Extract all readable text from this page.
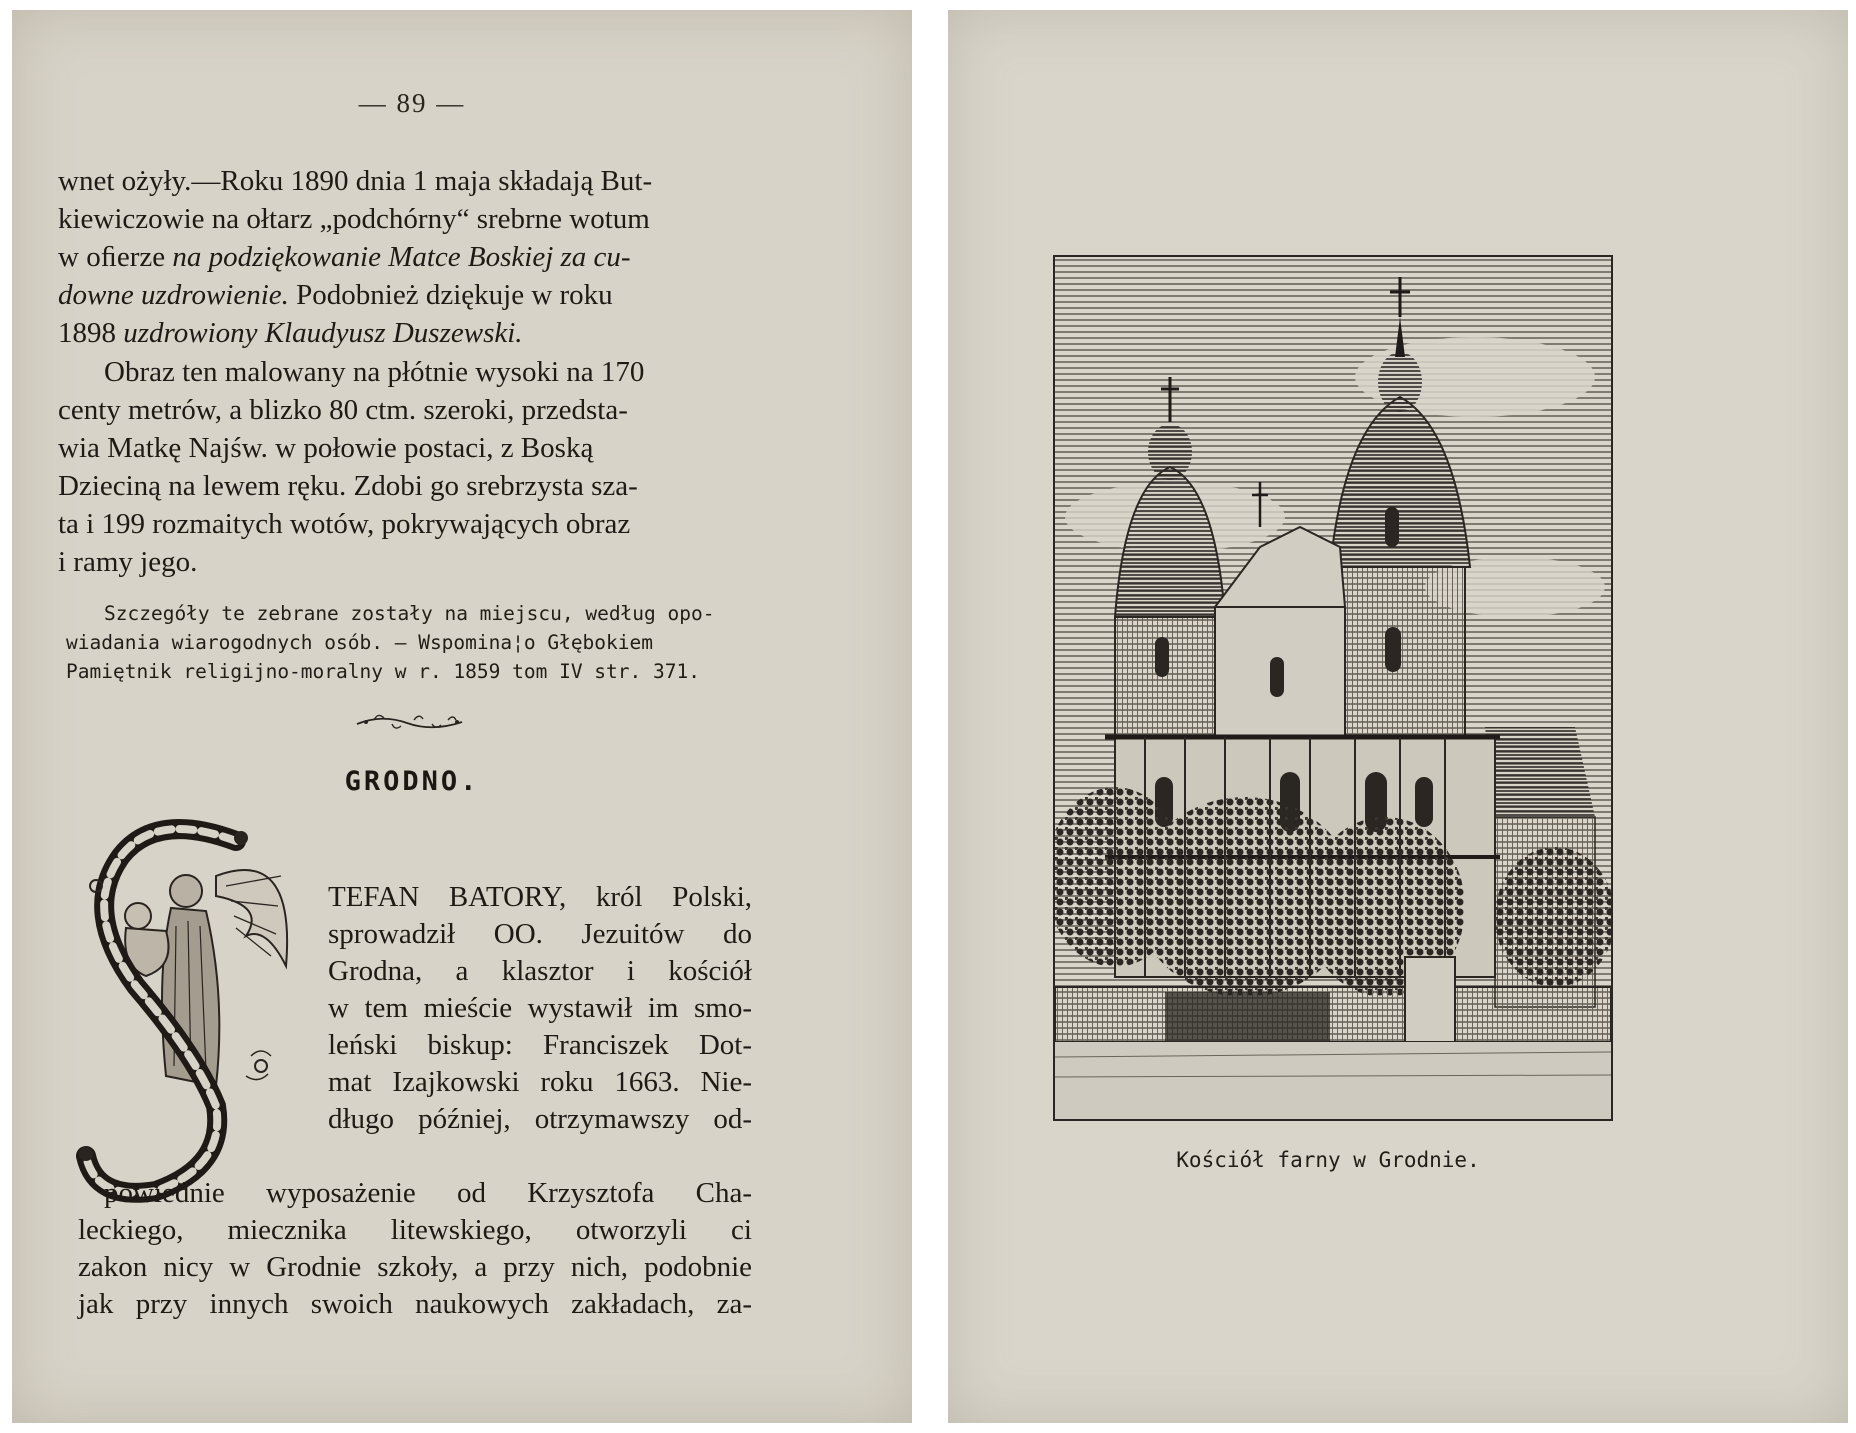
— 89 —
wnet ożyły.—Roku 1890 dnia 1 maja składają But-
kiewiczowie na ołtarz „podchórny“ srebrne wotum
w oﬁerze na podziękowanie Matce Boskiej za cu-
downe uzdrowienie. Podobnież dziękuje w roku
1898 uzdrowiony Klaudyusz Duszewski.
Obraz ten malowany na płótnie wysoki na 170
centy metrów, a blizko 80 ctm. szeroki, przedsta-
wia Matkę Najśw. w połowie postaci, z Boską
Dzieciną na lewem ręku. Zdobi go srebrzysta sza-
ta i 199 rozmaitych wotów, pokrywających obraz
i ramy jego.
Szczegóły te zebrane zostały na miejscu, według opo-
wiadania wiarogodnych osób. — Wspomina¦o Głębokiem
Pamiętnik religijno-moralny w r. 1859 tom IV str. 371.
GRODNO.
TEFAN BATORY, król Polski,
sprowadził OO. Jezuitów do
Grodna, a klasztor i kościół
w tem mieście wystawił im smo-
leński biskup: Franciszek Dot-
mat Izajkowski roku 1663. Nie-
długo później, otrzymawszy od-
powiednie wyposażenie od Krzysztofa Cha-
leckiego, miecznika litewskiego, otworzyli ci
zakon nicy w Grodnie szkoły, a przy nich, podobnie
jak przy innych swoich naukowych zakładach, za-

Kościół farny w Grodnie.
